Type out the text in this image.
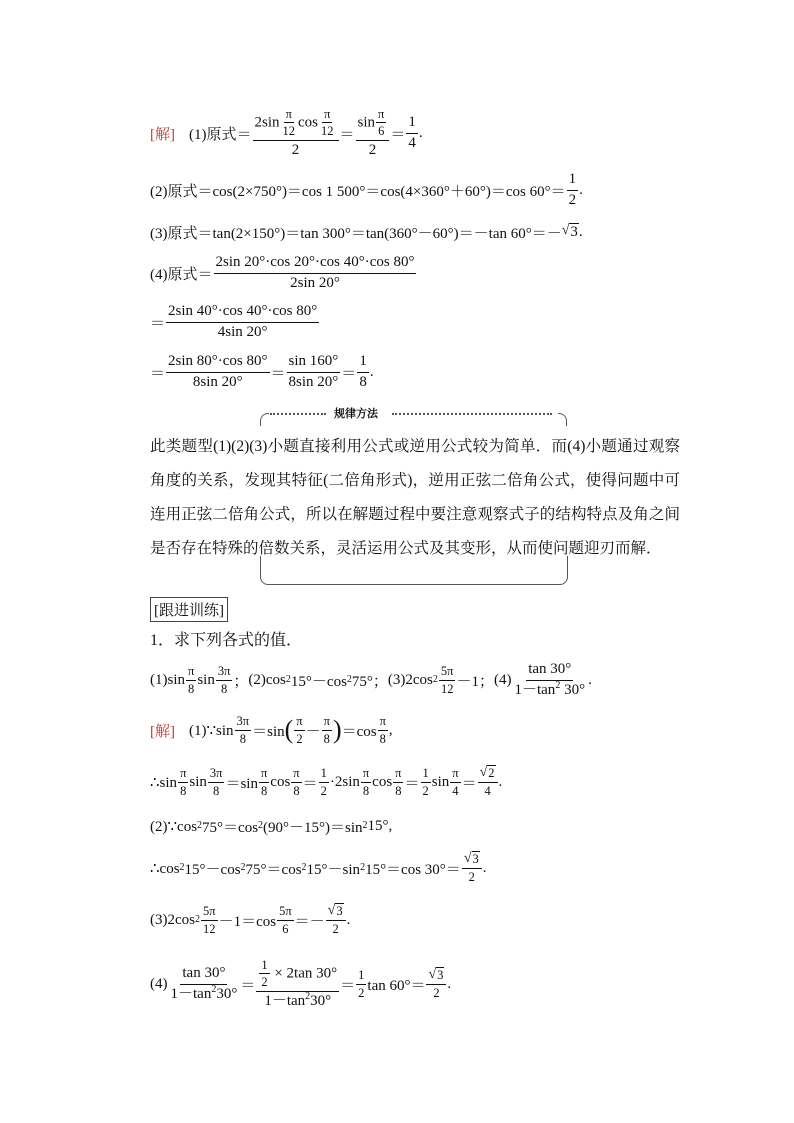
[解] (1)原式＝ $\frac{2\sin \frac{\pi}{12} \cos \frac{\pi}{12}}{2} = \frac{\sin \frac{\pi}{6}}{2} = \frac{1}{4}$ .
(2)原式＝cos(2×750°)＝cos 1 500°＝cos(4×360°＋60°)＝cos $60^\circ= \frac{1}{2}$ .
(3)原式＝tan(2×150°)＝tan 300°＝tan(360°－60°)＝－tan 60°＝－ √ 3 .
(4)原式＝ $\frac{2\sin 20^\circ\cdot\cos 20^\circ\cdot\cos 40^\circ\cdot\cos 80^\circ}{2\sin 20^\circ}$
＝ $\frac{2\sin 40^\circ\cdot\cos 40^\circ\cdot\cos 80^\circ}{4\sin 20^\circ}$
＝ $\frac{2\sin 80^\circ\cdot\cos 80^\circ}{8\sin 20^\circ} = \frac{\sin 160^\circ}{8\sin 20^\circ} = \frac{1}{8}$ .
规律方法
此类题型(1)(2)(3)小题直接利用公式或逆用公式较为简单．而(4)小题通过观察角度的关系，发现其特征(二倍角形式)，逆用正弦二倍角公式，使得问题中可连用正弦二倍角公式，所以在解题过程中要注意观察式子的结构特点及角之间是否存在特殊的倍数关系，灵活运用公式及其变形，从而使问题迎刃而解．
[跟进训练]
1．求下列各式的值．
$(1)\sin \frac{\pi}{8}$ $\sin \frac{3\pi}{8}$ ； (2)cos 2 15°－cos 2 75°； (3)2cos $2 \frac{5\pi}{12} -1$； $(4) \frac{\tan 30^\circ}{1-\tan^2 30^\circ}$ .
[解] (1)∵sin $\frac{3\pi}{8} =\sin$ ( $\frac{\pi}{2} - \frac{\pi}{8}$ ) $=\cos \frac{\pi}{8}$ ,
∴sin $\frac{\pi}{8}$ $\sin \frac{3\pi}{8} =\sin \frac{\pi}{8}$ $\cos \frac{\pi}{8} = \frac{1}{2} \cdot 2\sin \frac{\pi}{8}$ $\cos \frac{\pi}{8} = \frac{1}{2}$ $\sin \frac{\pi}{4} = \frac{√ 2}{4}$ .
(2)∵cos 2 75°＝cos 2 (90°－15°)＝sin 2 15°,
∴cos 2 15°－cos 2 75°＝cos 2 15°－sin 2 15°＝cos $30^\circ= \frac{√ 3}{2}$ .
(3)2cos $2 \frac{5\pi}{12} -1=\cos \frac{5\pi}{6} =- \frac{√ 3}{2}$ .
$(4) \frac{\tan 30^\circ}{1-\tan^230^\circ} = \frac{\frac{1}{2} \times 2\tan 30^\circ}{1-\tan^230^\circ} = \frac{1}{2}$ $\tan 60^\circ= \frac{√ 3}{2}$ .
